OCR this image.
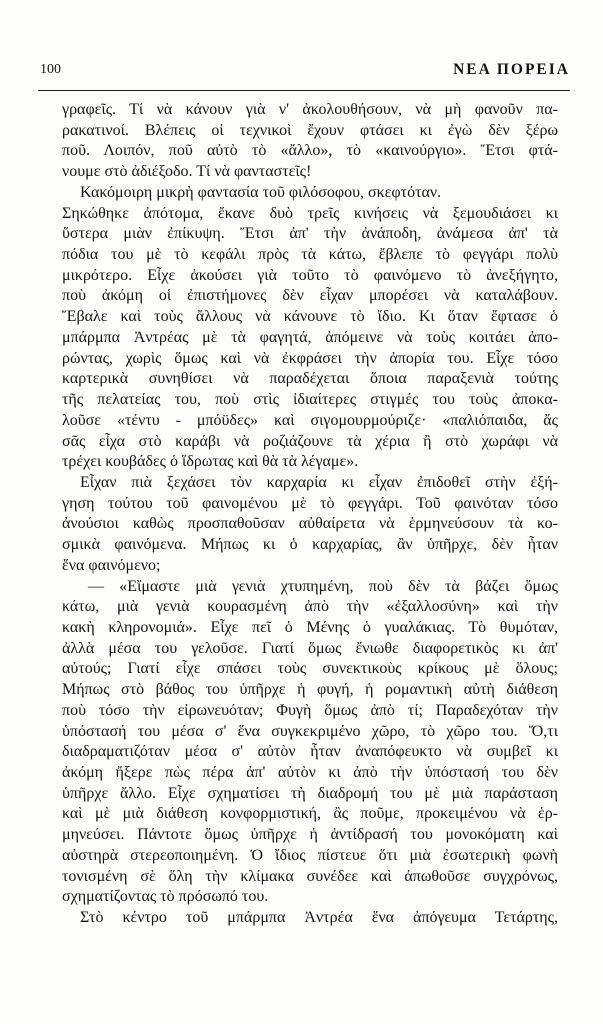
100	ΝΕΑ ΠΟΡΕΙΑ
γραφεῖς. Τί νὰ κάνουν γιὰ ν' ἀκολουθήσουν, νὰ μὴ φανοῦν πα-
ρακατινοί. Βλέπεις οἱ τεχνικοὶ ἔχουν φτάσει κι ἐγὼ δὲν ξέρω
ποῦ. Λοιπόν, ποῦ αὐτὸ τὸ «ἄλλο», τὸ «καινούργιο». Ἔτσι φτά-
νουμε στὸ ἀδιέξοδο. Τί νὰ φανταστεῖς!
Κακόμοιρη μικρὴ φαντασία τοῦ φιλόσοφου, σκεφτόταν.
Σηκώθηκε ἀπότομα, ἔκανε δυὸ τρεῖς κινήσεις νὰ ξεμουδιάσει κι
ὕστερα μιὰν ἐπίκυψη. Ἔτσι ἀπ' τὴν ἀνάποδη, ἀνάμεσα ἀπ' τὰ
πόδια του μὲ τὸ κεφάλι πρὸς τὰ κάτω, ἔβλεπε τὸ φεγγάρι πολὺ
μικρότερο. Εἶχε ἀκούσει γιὰ τοῦτο τὸ φαινόμενο τὸ ἀνεξήγητο,
ποὺ ἀκόμη οἱ ἐπιστήμονες δὲν εἶχαν μπορέσει νὰ καταλάβουν.
Ἔβαλε καὶ τοὺς ἄλλους νὰ κάνουνε τὸ ἴδιο. Κι ὅταν ἔφτασε ὁ
μπάρμπα Ἀντρέας μὲ τὰ φαγητά, ἀπόμεινε νὰ τοὺς κοιτάει ἀπο-
ρώντας, χωρὶς ὅμως καὶ νὰ ἐκφράσει τὴν ἀπορία του. Εἶχε τόσο
καρτερικὰ συνηθίσει νὰ παραδέχεται ὅποια παραξενιὰ τούτης
τῆς πελατείας του, ποὺ στὶς ἰδιαίτερες στιγμές του τοὺς ἀποκα-
λοῦσε «τέντυ - μπόϋδες» καὶ σιγομουρμούριζε· «παλιόπαιδα, ἄς
σᾶς εἶχα στὸ καράβι νὰ ροζιάζουνε τὰ χέρια ἢ στὸ χωράφι νὰ
τρέχει κουβάδες ὁ ἵδρωτας καὶ θὰ τὰ λέγαμε».
Εἶχαν πιὰ ξεχάσει τὸν καρχαρία κι εἶχαν ἐπιδοθεῖ στὴν ἐξή-
γηση τούτου τοῦ φαινομένου μὲ τὸ φεγγάρι. Τοῦ φαινόταν τόσο
ἀνούσιοι καθὼς προσπαθοῦσαν αὐθαίρετα νὰ ἑρμηνεύσουν τὰ κο-
σμικὰ φαινόμενα. Μήπως κι ὁ καρχαρίας, ἂν ὑπῆρχε, δὲν ἦταν
ἕνα φαινόμενο;
— «Εἴμαστε μιὰ γενιὰ χτυπημένη, ποὺ δὲν τὰ βάζει ὅμως
κάτω, μιὰ γενιὰ κουρασμένη ἀπὸ τὴν «ἐξαλλοσύνη» καὶ τὴν
κακὴ κληρονομιά». Εἶχε πεῖ ὁ Μένης ὁ γυαλάκιας. Τὸ θυμόταν,
ἀλλὰ μέσα του γελοῦσε. Γιατί ὅμως ἔνιωθε διαφορετικὸς κι ἀπ'
αὐτούς; Γιατί εἶχε σπάσει τοὺς συνεκτικοὺς κρίκους μὲ ὅλους;
Μήπως στὸ βάθος του ὑπῆρχε ἡ φυγή, ἡ ρομαντικὴ αὐτὴ διάθεση
ποὺ τόσο τὴν εἰρωνευόταν; Φυγὴ ὅμως ἀπὸ τί; Παραδεχόταν τὴν
ὑπόστασή του μέσα σ' ἕνα συγκεκριμένο χῶρο, τὸ χῶρο του. Ὅ,τι
διαδραματιζόταν μέσα σ' αὐτὸν ἦταν ἀναπόφευκτο νὰ συμβεῖ κι
ἀκόμη ἤξερε πὼς πέρα ἀπ' αὐτὸν κι ἀπὸ τὴν ὑπόστασή του δὲν
ὑπῆρχε ἄλλο. Εἶχε σχηματίσει τὴ διαδρομή του μὲ μιὰ παράσταση
καὶ μὲ μιὰ διάθεση κονφορμιστική, ἂς ποῦμε, προκειμένου νὰ ἑρ-
μηνεύσει. Πάντοτε ὅμως ὑπῆρχε ἡ ἀντίδρασή του μονοκόματη καὶ
αὐστηρὰ στερεοποιημένη. Ὁ ἴδιος πίστευε ὅτι μιὰ ἐσωτερικὴ φωνὴ
τονισμένη σὲ ὅλη τὴν κλίμακα συνέδεε καὶ ἀπωθοῦσε συγχρόνως,
σχηματίζοντας τὸ πρόσωπό του.
Στὸ κέντρο τοῦ μπάρμπα Ἀντρέα ἕνα ἀπόγευμα Τετάρτης,
